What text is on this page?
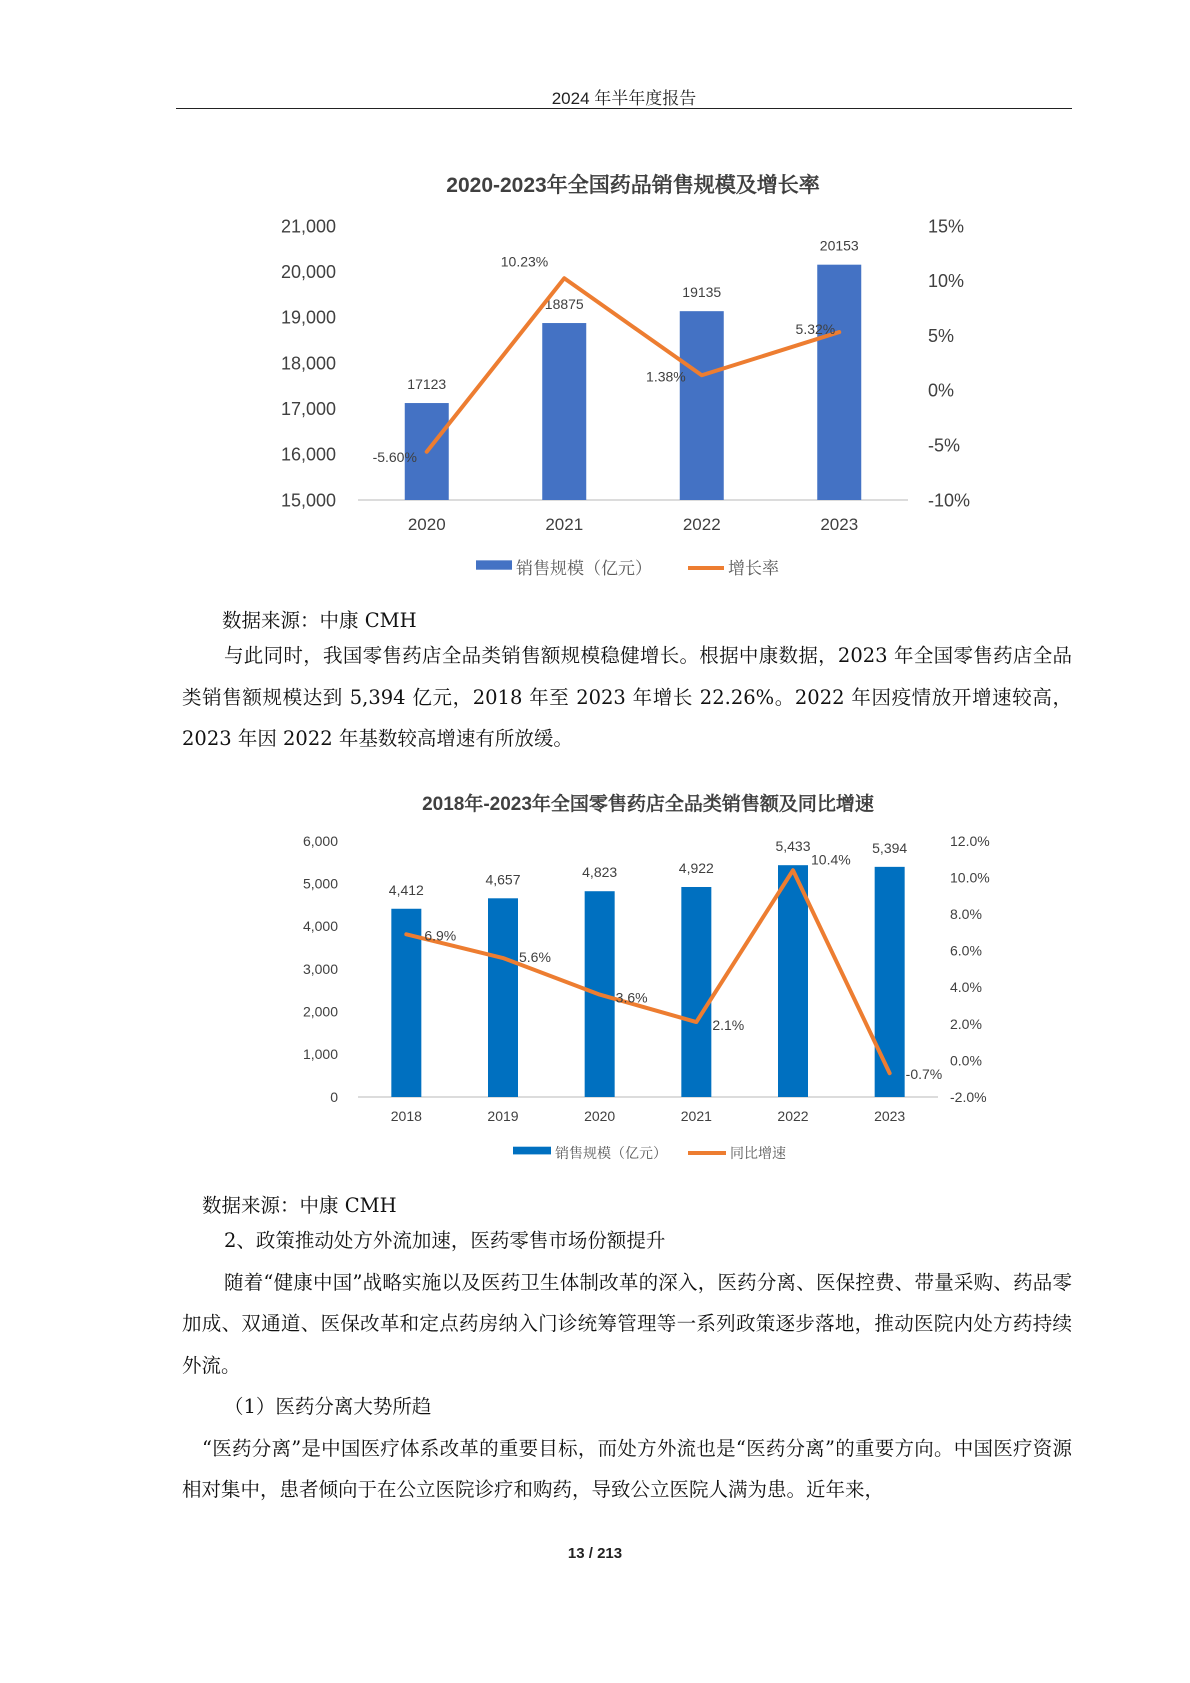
2024 年半年度报告
2020-2023年全国药品销售规模及增长率
15,000
16,000
17,000
18,000
19,000
20,000
21,000
-10%
-5%
0%
5%
10%
15%
17123
18875
19135
20153
2020	2021	2022	2023
-5.60%
10.23%
1.38%
5.32%
销售规模（亿元）	增长率
数据来源：中康 CMH

与此同时，我国零售药店全品类销售额规模稳健增长。根据中康数据，2023 年全国零售药店全品类销售额规模达到 5,394 亿元，2018 年至 2023 年增长 22.26%。2022 年因疫情放开增速较高，2023 年因 2022 年基数较高增速有所放缓。

2018年-2023年全国零售药店全品类销售额及同比增速
0
1,000
2,000
3,000
4,000
5,000
6,000
-2.0%
0.0%
2.0%
4.0%
6.0%
8.0%
10.0%
12.0%
4,412
4,657	4,823	4,922
5,433	5,394
2018	2019	2020	2021	2022	2023
6.9%
5.6%
3.6%
2.1%
10.4%
-0.7%
销售规模（亿元）	同比增速
数据来源：中康 CMH

2、政策推动处方外流加速，医药零售市场份额提升

随着“健康中国”战略实施以及医药卫生体制改革的深入，医药分离、医保控费、带量采购、药品零加成、双通道、医保改革和定点药房纳入门诊统筹管理等一系列政策逐步落地，推动医院内处方药持续外流。

（1）医药分离大势所趋

“医药分离”是中国医疗体系改革的重要目标，而处方外流也是“医药分离”的重要方向。中国医疗资源相对集中，患者倾向于在公立医院诊疗和购药，导致公立医院人满为患。近年来，

13 / 213
